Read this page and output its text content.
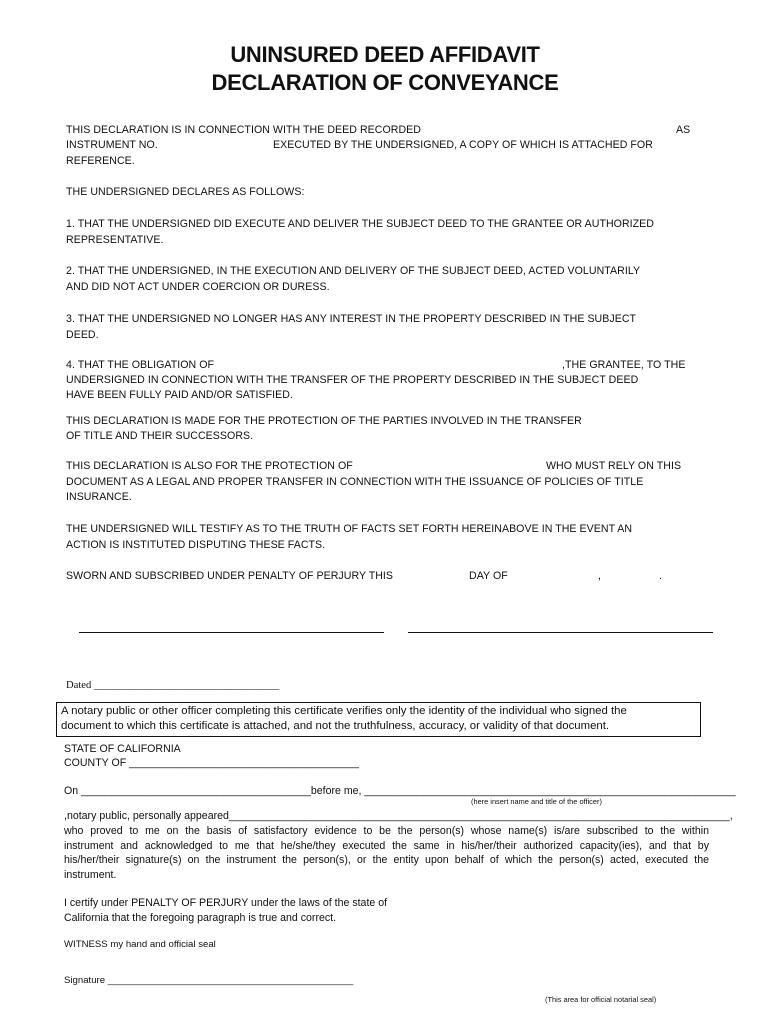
UNINSURED DEED AFFIDAVIT
DECLARATION OF CONVEYANCE
THIS DECLARATION IS IN CONNECTION WITH THE DEED RECORDED	AS
INSTRUMENT NO.	EXECUTED BY THE UNDERSIGNED, A COPY OF WHICH IS ATTACHED FOR
REFERENCE.
THE UNDERSIGNED DECLARES AS FOLLOWS:
1. THAT THE UNDERSIGNED DID EXECUTE AND DELIVER THE SUBJECT DEED TO THE GRANTEE OR AUTHORIZED
REPRESENTATIVE.
2. THAT THE UNDERSIGNED, IN THE EXECUTION AND DELIVERY OF THE SUBJECT DEED, ACTED VOLUNTARILY
AND DID NOT ACT UNDER COERCION OR DURESS.
3. THAT THE UNDERSIGNED NO LONGER HAS ANY INTEREST IN THE PROPERTY DESCRIBED IN THE SUBJECT
DEED.
4. THAT THE OBLIGATION OF	,THE GRANTEE, TO THE
UNDERSIGNED IN CONNECTION WITH THE TRANSFER OF THE PROPERTY DESCRIBED IN THE SUBJECT DEED
HAVE BEEN FULLY PAID AND/OR SATISFIED.
THIS DECLARATION IS MADE FOR THE PROTECTION OF THE PARTIES INVOLVED IN THE TRANSFER
OF TITLE AND THEIR SUCCESSORS.
THIS DECLARATION IS ALSO FOR THE PROTECTION OF	WHO MUST RELY ON THIS
DOCUMENT AS A LEGAL AND PROPER TRANSFER IN CONNECTION WITH THE ISSUANCE OF POLICIES OF TITLE
INSURANCE.
THE UNDERSIGNED WILL TESTIFY AS TO THE TRUTH OF FACTS SET FORTH HEREINABOVE IN THE EVENT AN
ACTION IS INSTITUTED DISPUTING THESE FACTS.
SWORN AND SUBSCRIBED UNDER PENALTY OF PERJURY THIS	DAY OF	,	.
Dated ___________________________________
A notary public or other officer completing this certificate verifies only the identity of the individual who signed the
document to which this certificate is attached, and not the truthfulness, accuracy, or validity of that document.
STATE OF CALIFORNIA
COUNTY OF _______________________________________
On _______________________________________before me, _______________________________________________________________
(here insert name and title of the officer)
,notary public, personally appeared_____________________________________________________________________________________,
who proved to me on the basis of satisfactory evidence to be the person(s) whose name(s) is/are subscribed to the within
instrument and acknowledged to me that he/she/they executed the same in his/her/their authorized capacity(ies), and that by
his/her/their signature(s) on the instrument the person(s), or the entity upon behalf of which the person(s) acted, executed the
instrument.
I certify under PENALTY OF PERJURY under the laws of the state of
California that the foregoing paragraph is true and correct.
WITNESS my hand and official seal
Signature ______________________________________________
(This area for official notarial seal)
